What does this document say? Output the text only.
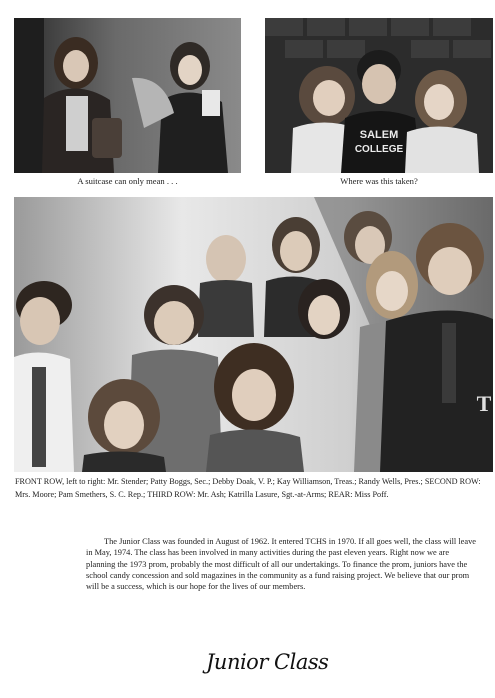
A suitcase can only mean . . .
SALEM
COLLEGE
Where was this taken?
T
FRONT ROW, left to right: Mr. Stender; Patty Boggs, Sec.; Debby Doak, V. P.; Kay Williamson, Treas.; Randy Wells, Pres.; SECOND ROW: Mrs. Moore; Pam Smethers, S. C. Rep.; THIRD ROW: Mr. Ash; Katrilla Lasure, Sgt.-at-Arms; REAR: Miss Poff.
The Junior Class was founded in August of 1962. It entered TCHS in 1970. If all goes well, the class will leave in May, 1974. The class has been involved in many activities during the past eleven years. Right now we are planning the 1973 prom, probably the most difficult of all our undertakings. To finance the prom, juniors have the school candy concession and sold magazines in the community as a fund raising project. We believe that our prom will be a success, which is our hope for the lives of our members.
Junior Class
